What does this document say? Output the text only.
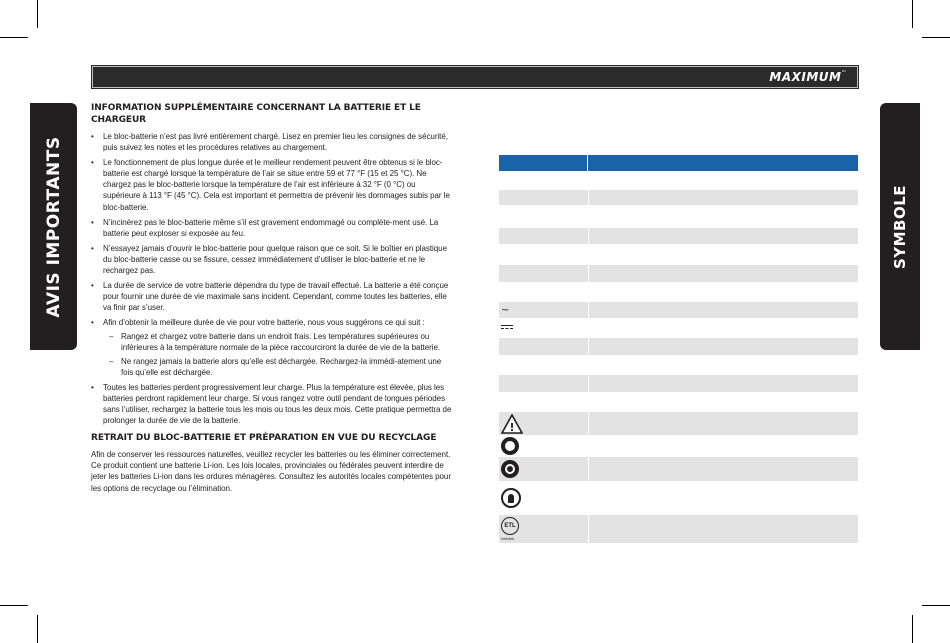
MAXIMUM™
AVIS IMPORTANTS	SYMBOLE
INFORMATION SUPPLÉMENTAIRE CONCERNANT LA BATTERIE ET LE CHARGEUR
• Le bloc-batterie n’est pas livré entièrement chargé. Lisez en premier lieu les consignes de sécurité, puis suivez les notes et les procédures relatives au chargement.
• Le fonctionnement de plus longue durée et le meilleur rendement peuvent être obtenus si le bloc-batterie est chargé lorsque la température de l’air se situe entre 59 et 77 °F (15 et 25 °C). Ne chargez pas le bloc-batterie lorsque la température de l’air est inférieure à 32 °F (0 °C) ou supérieure à 113 °F (45 °C). Cela est important et permettra de prévenir les dommages subis par le bloc-batterie.
• N’incinérez pas le bloc-batterie même s’il est gravement endommagé ou complète-ment usé. La batterie peut exploser si exposée au feu.
• N’essayez jamais d’ouvrir le bloc-batterie pour quelque raison que ce soit. Si le boîtier en plastique du bloc-batterie casse ou se fissure, cessez immédiatement d’utiliser le bloc-batterie et ne le rechargez pas.
• La durée de service de votre batterie dépendra du type de travail effectué. La batterie a été conçue pour fournir une durée de vie maximale sans incident. Cependant, comme toutes les batteries, elle va finir par s’user.
• Afin d’obtenir la meilleure durée de vie pour votre batterie, nous vous suggérons ce qui suit :
– Rangez et chargez votre batterie dans un endroit frais. Les températures supérieures ou inférieures à la température normale de la pièce raccourciront la durée de vie de la batterie.
– Ne rangez jamais la batterie alors qu’elle est déchargée. Rechargez-la immédi-atement une fois qu’elle est déchargée.
• Toutes les batteries perdent progressivement leur charge. Plus la température est élevée, plus les batteries perdront rapidement leur charge. Si vous rangez votre outil pendant de longues périodes sans l’utiliser, rechargez la batterie tous les mois ou tous les deux mois. Cette pratique permettra de prolonger la durée de vie de la batterie.
RETRAIT DU BLOC-BATTERIE ET PRÉPARATION EN VUE DU RECYCLAGE
Afin de conserver les ressources naturelles, veuillez recycler les batteries ou les éliminer correctement. Ce produit contient une batterie Li-ion. Les lois locales, provinciales ou fédérales peuvent interdire de jeter les batteries Li-ion dans les ordures ménagères. Consultez les autorités locales compétentes pour les options de recyclage ou l’élimination.
~
!
ETL
Intertek
